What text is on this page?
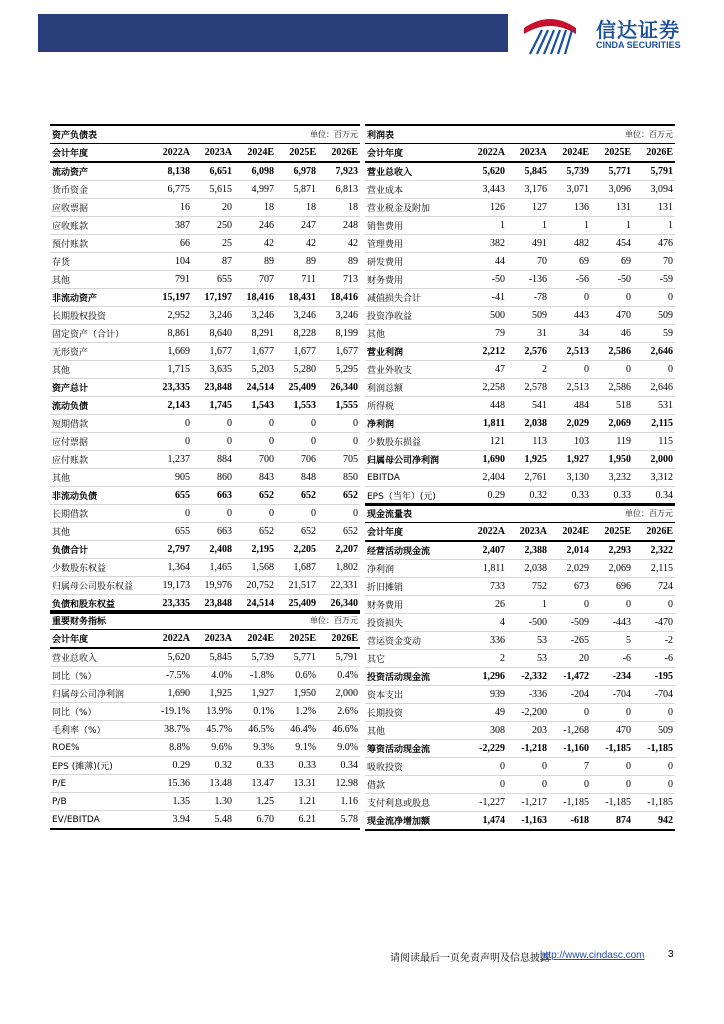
信达证券
CINDA SECURITIES
资产负债表			单位：百万元		
会计年度	2022A	2023A	2024E	2025E	2026E
流动资产	8,138	6,651	6,098	6,978	7,923
货币资金	6,775	5,615	4,997	5,871	6,813
应收票据	16	20	18	18	18
应收账款	387	250	246	247	248
预付账款	66	25	42	42	42
存货	104	87	89	89	89
其他	791	655	707	711	713
非流动资产	15,197	17,197	18,416	18,431	18,416
长期股权投资	2,952	3,246	3,246	3,246	3,246
固定资产（合计）	8,861	8,640	8,291	8,228	8,199
无形资产	1,669	1,677	1,677	1,677	1,677
其他	1,715	3,635	5,203	5,280	5,295
资产总计	23,335	23,848	24,514	25,409	26,340
流动负债	2,143	1,745	1,543	1,553	1,555
短期借款	0	0	0	0	0
应付票据	0	0	0	0	0
应付账款	1,237	884	700	706	705
其他	905	860	843	848	850
非流动负债	655	663	652	652	652
长期借款	0	0	0	0	0
其他	655	663	652	652	652
负债合计	2,797	2,408	2,195	2,205	2,207
少数股东权益	1,364	1,465	1,568	1,687	1,802
归属母公司股东权益	19,173	19,976	20,752	21,517	22,331
负债和股东权益	23,335	23,848	24,514	25,409	26,340
重要财务指标			单位：百万元		
会计年度	2022A	2023A	2024E	2025E	2026E
营业总收入	5,620	5,845	5,739	5,771	5,791
同比（%）	-7.5%	4.0%	-1.8%	0.6%	0.4%
归属母公司净利润	1,690	1,925	1,927	1,950	2,000
同比（%）	-19.1%	13.9%	0.1%	1.2%	2.6%
毛利率（%）	38.7%	45.7%	46.5%	46.4%	46.6%
ROE%	8.8%	9.6%	9.3%	9.1%	9.0%
EPS (摊薄)(元)	0.29	0.32	0.33	0.33	0.34
P/E	15.36	13.48	13.47	13.31	12.98
P/B	1.35	1.30	1.25	1.21	1.16
EV/EBITDA	3.94	5.48	6.70	6.21	5.78
利润表			单位：百万元		
会计年度	2022A	2023A	2024E	2025E	2026E
营业总收入	5,620	5,845	5,739	5,771	5,791
营业成本	3,443	3,176	3,071	3,096	3,094
营业税金及附加	126	127	136	131	131
销售费用	1	1	1	1	1
管理费用	382	491	482	454	476
研发费用	44	70	69	69	70
财务费用	-50	-136	-56	-50	-59
减值损失合计	-41	-78	0	0	0
投资净收益	500	509	443	470	509
其他	79	31	34	46	59
营业利润	2,212	2,576	2,513	2,586	2,646
营业外收支	47	2	0	0	0
利润总额	2,258	2,578	2,513	2,586	2,646
所得税	448	541	484	518	531
净利润	1,811	2,038	2,029	2,069	2,115
少数股东损益	121	113	103	119	115
归属母公司净利润	1,690	1,925	1,927	1,950	2,000
EBITDA	2,404	2,761	3,130	3,232	3,312
EPS（当年）(元)	0.29	0.32	0.33	0.33	0.34
现金流量表			单位：百万元		
会计年度	2022A	2023A	2024E	2025E	2026E
经营活动现金流	2,407	2,388	2,014	2,293	2,322
净利润	1,811	2,038	2,029	2,069	2,115
折旧摊销	733	752	673	696	724
财务费用	26	1	0	0	0
投资损失	4	-500	-509	-443	-470
营运资金变动	336	53	-265	5	-2
其它	2	53	20	-6	-6
投资活动现金流	1,296	-2,332	-1,472	-234	-195
资本支出	939	-336	-204	-704	-704
长期投资	49	-2,200	0	0	0
其他	308	203	-1,268	470	509
筹资活动现金流	-2,229	-1,218	-1,160	-1,185	-1,185
吸收投资	0	0	7	0	0
借款	0	0	0	0	0
支付利息或股息	-1,227	-1,217	-1,185	-1,185	-1,185
现金流净增加额	1,474	-1,163	-618	874	942
请阅读最后一页免责声明及信息披露
http://www.cindasc.com 3
